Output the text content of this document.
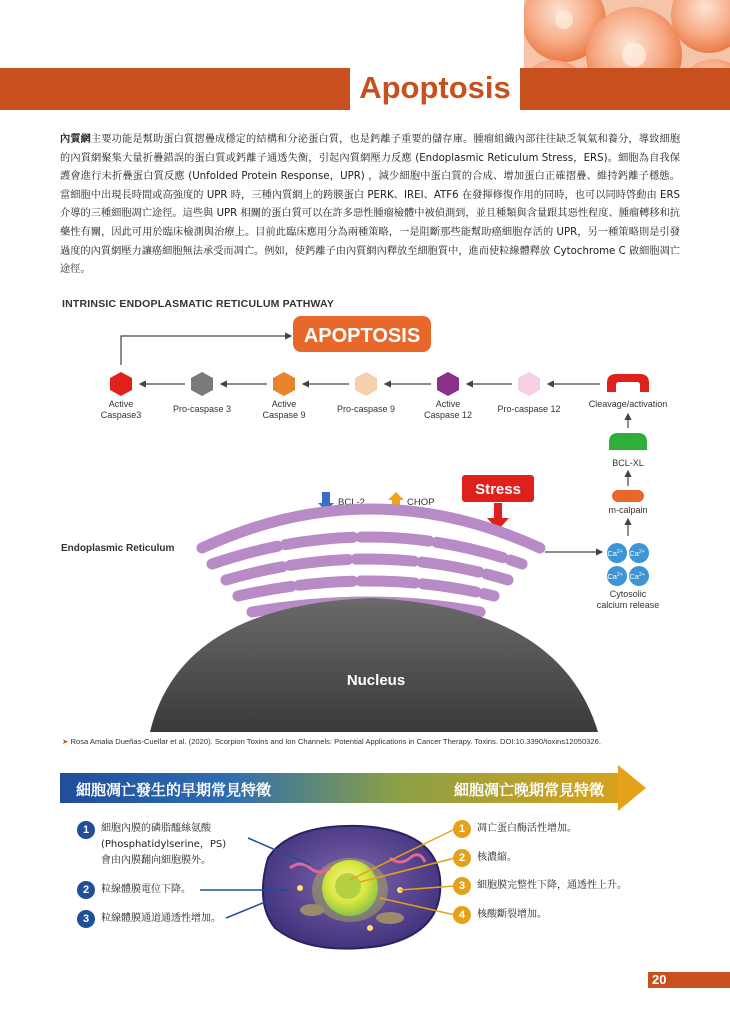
Apoptosis
內質網主要功能是幫助蛋白質摺疊成穩定的結構和分泌蛋白質，也是鈣離子重要的儲存庫。腫瘤組織內部往往缺乏氧氣和養分，導致細胞的內質網聚集大量折疊錯誤的蛋白質或鈣離子通透失衡，引起內質網壓力反應 (Endoplasmic Reticulum Stress，ERS)。細胞為自我保護會進行未折疊蛋白質反應 (Unfolded Protein Response，UPR) ，減少細胞中蛋白質的合成、增加蛋白正確摺疊、維持鈣離子穩態。當細胞中出現長時間或高強度的 UPR 時，三種內質網上的跨膜蛋白 PERK、IREI、ATF6 在發揮修復作用的同時，也可以同時啓動由 ERS 介導的三種細胞凋亡途徑。這些與 UPR 相關的蛋白質可以在許多惡性腫瘤檢體中被偵測到，並且種類與含量跟其惡性程度、腫瘤轉移和抗藥性有關，因此可用於臨床檢測與治療上。目前此臨床應用分為兩種策略，一是阻斷那些能幫助癌細胞存活的 UPR，另一種策略則是引發過度的內質網壓力讓癌細胞無法承受而凋亡。例如，使鈣離子由內質網內釋放至細胞質中，進而使粒線體釋放 Cytochrome C 啟細胞凋亡途徑。
INTRINSIC ENDOPLASMATIC RETICULUM PATHWAY
APOPTOSIS
Active
Caspase3
Pro-caspase 3	Active
Caspase 9
Pro-caspase 9	Active
Caspase 12
Pro-caspase 12	Cleavage/activation
BCL-XL
m-calpain
$Ca^{2+}$ $Ca^{2+}$
$Ca^{2+}$ $Ca^{2+}$
Cytosolic
calcium release
BCL-2	CHOP
Stress
Endoplasmic Reticulum
Nucleus
➤ Rosa Amalia Dueñas-Cuellar et al. (2020). Scorpion Toxins and Ion Channels: Potential Applications in Cancer Therapy. Toxins. DOI:10.3390/toxins12050326.
細胞凋亡發生的早期常見特徵	細胞凋亡晚期常見特徵
1	細胞內膜的磷脂醯絲氨酸
(Phosphatidylserine，PS)
會由內膜翻向細胞膜外。
2	粒線體膜電位下降。
3	粒線體膜通道通透性增加。
1	凋亡蛋白酶活性增加。
2	核濃縮。
3	細胞膜完整性下降，通透性上升。
4	核酸斷裂增加。
20
